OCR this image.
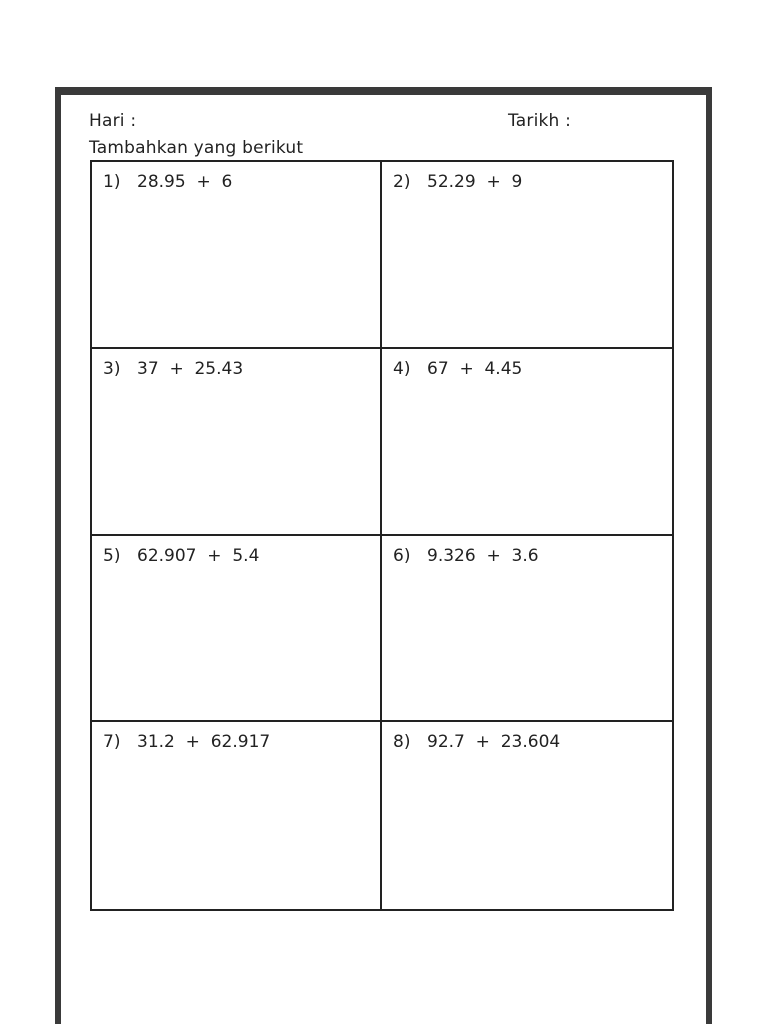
Hari :	Tarikh :
Tambahkan yang berikut
1) 28.95  +  6	2) 52.29  +  9
3) 37  +  25.43	4) 67  +  4.45
5) 62.907  +  5.4	6) 9.326  +  3.6
7) 31.2  +  62.917	8) 92.7  +  23.604
